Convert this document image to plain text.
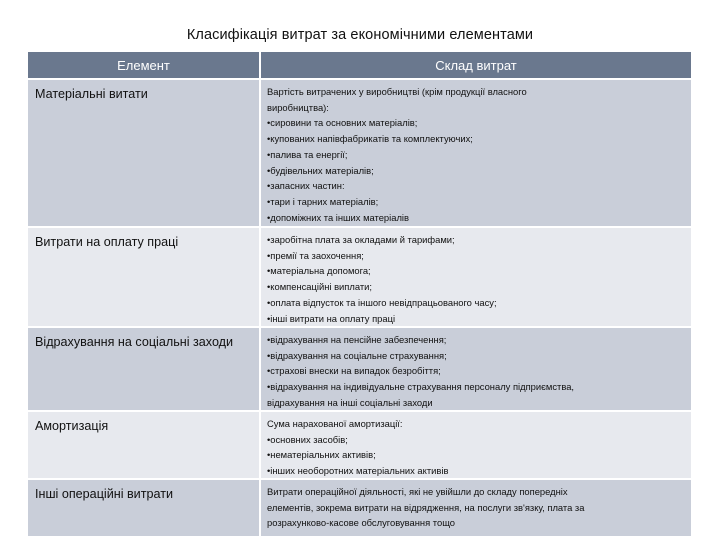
Класифікація витрат за економічними елементами
Елемент	Склад витрат
Матеріальні витати	Вартість витрачених у виробництві (крім продукції власного
виробництва):
•сировини та основних матеріалів;
•купованих напівфабрикатів та комплектуючих;
•палива та енергії;
•будівельних матеріалів;
•запасних частин:
•тари і тарних матеріалів;
•допоміжних та інших матеріалів
Витрати на оплату праці	•заробітна плата за окладами й тарифами;
•премії та заохочення;
•матеріальна допомога;
•компенсаційні виплати;
•оплата відпусток та іншого невідпрацьованого часу;
•інші витрати на оплату праці
Відрахування на соціальні заходи	•відрахування на пенсійне забезпечення;
•відрахування на соціальне страхування;
•страхові внески на випадок безробіття;
•відрахування на індивідуальне страхування персоналу підприємства,
відрахування на інші соціальні заходи
Амортизація	Сума нарахованої амортизації:
•основних засобів;
•нематеріальних активів;
•інших необоротних матеріальних активів
Інші операційні витрати	Витрати операційної діяльності, які не увійшли до складу попередніх
елементів, зокрема витрати на відрядження, на послуги зв'язку, плата за
розрахунково-касове обслуговування тощо
